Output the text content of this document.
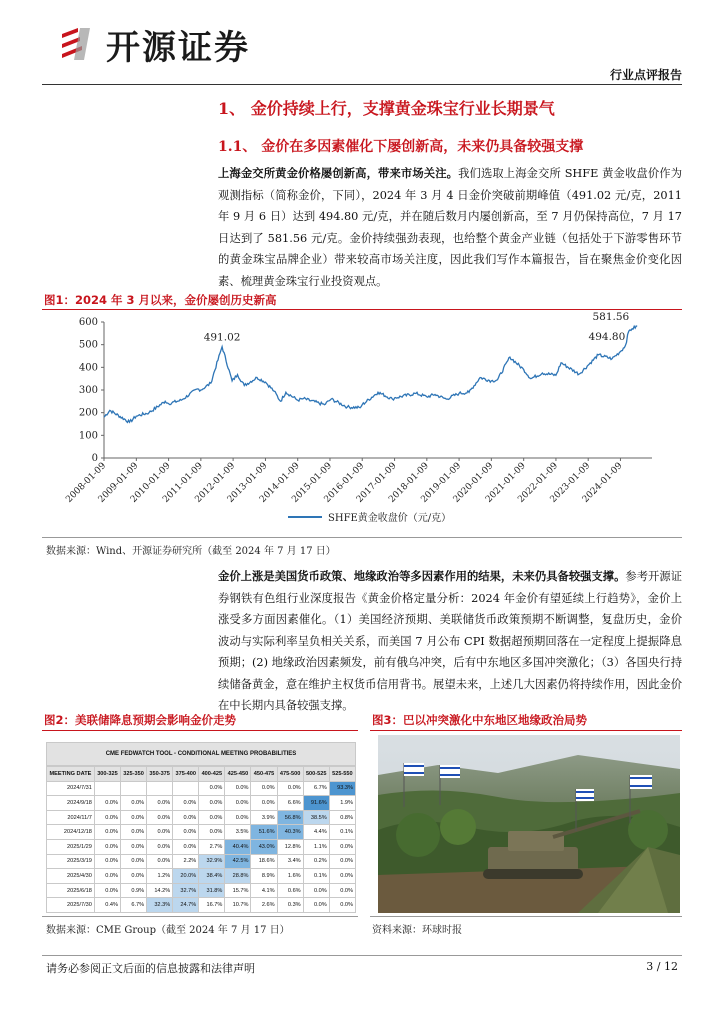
开源证券
行业点评报告
1、 金价持续上行，支撑黄金珠宝行业长期景气
1.1、 金价在多因素催化下屡创新高，未来仍具备较强支撑
上海金交所黄金价格屡创新高，带来市场关注。我们选取上海金交所 SHFE 黄金收盘价作为观测指标（简称金价，下同），2024 年 3 月 4 日金价突破前期峰值（491.02 元/克，2011 年 9 月 6 日）达到 494.80 元/克，并在随后数月内屡创新高，至 7 月仍保持高位，7 月 17 日达到了 581.56 元/克。金价持续强劲表现，也给整个黄金产业链（包括处于下游零售环节的黄金珠宝品牌企业）带来较高市场关注度，因此我们写作本篇报告，旨在聚焦金价变化因素、梳理黄金珠宝行业投资观点。
图1：2024 年 3 月以来，金价屡创历史新高
0
100
200
300
400
500
600
2008-01-09
2009-01-09
2010-01-09
2011-01-09
2012-01-09
2013-01-09
2014-01-09
2015-01-09
2016-01-09
2017-01-09
2018-01-09
2019-01-09
2020-01-09
2021-01-09
2022-01-09
2023-01-09
2024-01-09
SHFE黄金收盘价（元/克）
491.02	494.80
581.56
数据来源：Wind、开源证券研究所（截至 2024 年 7 月 17 日）
金价上涨是美国货币政策、地缘政治等多因素作用的结果，未来仍具备较强支撑。参考开源证券钢铁有色组行业深度报告《黄金价格定量分析：2024 年金价有望延续上行趋势》，金价上涨受多方面因素催化。（1）美国经济预期、美联储货币政策预期不断调整，复盘历史，金价波动与实际利率呈负相关关系，而美国 7 月公布 CPI 数据超预期回落在一定程度上提振降息预期；(2) 地缘政治因素频发，前有俄乌冲突，后有中东地区多国冲突激化；（3）各国央行持续储备黄金，意在维护主权货币信用背书。展望未来，上述几大因素仍将持续作用，因此金价在中长期内具备较强支撑。
图2：美联储降息预期会影响金价走势
CME FEDWATCH TOOL - CONDITIONAL MEETING PROBABILITIES
MEETING DATE	300-325	325-350	350-375	375-400	400-425	425-450	450-475	475-500	500-525	525-550
2024/7/31					0.0%	0.0%	0.0%	0.0%	6.7%	93.3%
2024/9/18	0.0%	0.0%	0.0%	0.0%	0.0%	0.0%	0.0%	6.6%	91.6%	1.9%
2024/11/7	0.0%	0.0%	0.0%	0.0%	0.0%	0.0%	3.9%	56.8%	38.5%	0.8%
2024/12/18	0.0%	0.0%	0.0%	0.0%	0.0%	3.5%	51.6%	40.3%	4.4%	0.1%
2025/1/29	0.0%	0.0%	0.0%	0.0%	2.7%	40.4%	43.0%	12.8%	1.1%	0.0%
2025/3/19	0.0%	0.0%	0.0%	2.2%	32.9%	42.5%	18.6%	3.4%	0.2%	0.0%
2025/4/30	0.0%	0.0%	1.2%	20.0%	38.4%	28.8%	8.9%	1.6%	0.1%	0.0%
2025/6/18	0.0%	0.9%	14.2%	32.7%	31.8%	15.7%	4.1%	0.6%	0.0%	0.0%
2025/7/30	0.4%	6.7%	32.3%	24.7%	16.7%	10.7%	2.6%	0.3%	0.0%	0.0%
数据来源：CME Group（截至 2024 年 7 月 17 日）
图3：巴以冲突激化中东地区地缘政治局势
资料来源：环球时报
请务必参阅正文后面的信息披露和法律声明	3 / 12
